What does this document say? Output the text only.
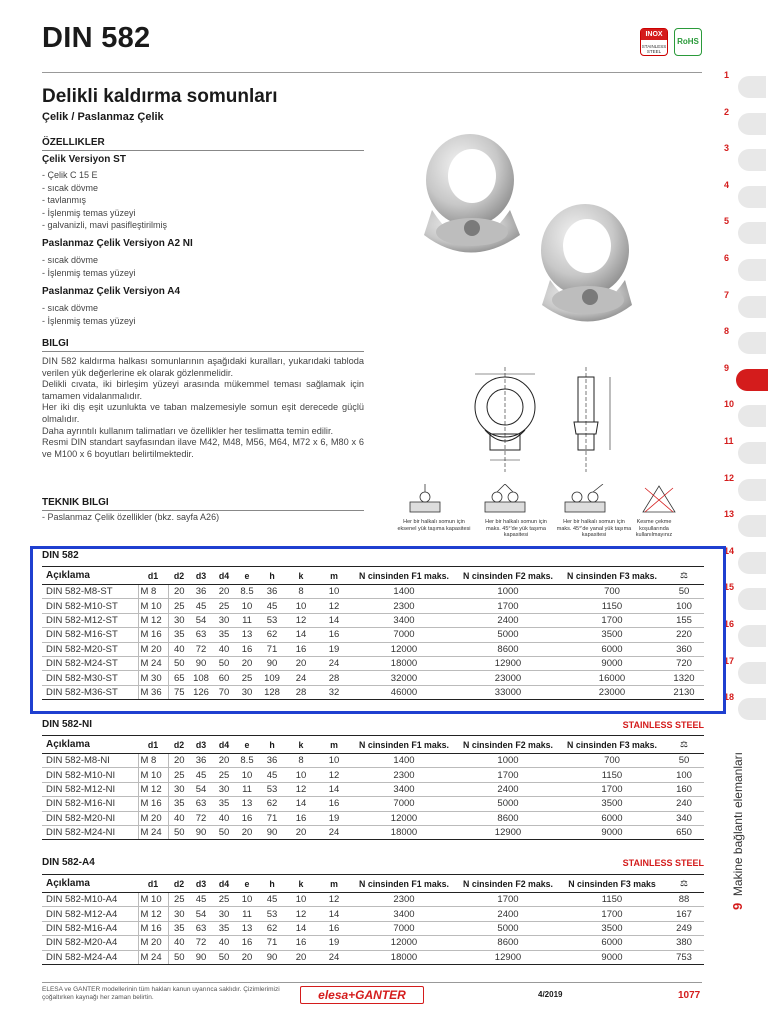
DIN 582	INOX
STAINLESS STEEL
RoHS
Delikli kaldırma somunları
Çelik / Paslanmaz Çelik
ÖZELLIKLER
Çelik Versiyon ST
- Çelik C 15 E
- sıcak dövme
- tavlanmış
- İşlenmiş temas yüzeyi
- galvanizli, mavi pasifleştirilmiş
Paslanmaz Çelik Versiyon A2 NI
- sıcak dövme
- İşlenmiş temas yüzeyi
Paslanmaz Çelik Versiyon A4
- sıcak dövme
- İşlenmiş temas yüzeyi
BILGI

DIN 582 kaldırma halkası somunlarının aşağıdaki kuralları, yukarıdaki tabloda verilen yük değerlerine ek olarak gözlenmelidir.

Delikli cıvata, iki birleşim yüzeyi arasında mükemmel teması sağlamak için tamamen vidalanmalıdır.

Her iki diş eşit uzunlukta ve taban malzemesiyle somun eşit derecede güçlü olmalıdır.

Daha ayrıntılı kullanım talimatları ve özellikler her teslimatta temin edilir.

Resmi DIN standart sayfasından ilave M42, M48, M56, M64, M72 x 6, M80 x 6 ve M100 x 6 boyutları belirtilmektedir.

TEKNIK BILGI
- Paslanmaz Çelik özellikler (bkz. sayfa A26)	Her bir halkalı somun için eksenel yük taşıma kapasitesi
Her bir halkalı somun için maks. 45°'de yük taşıma kapasitesi
Her bir halkalı somun için maks. 45°'de yanal yük taşıma kapasitesi
Kesme çekme koşullarında kullanılmayınız
1
2
3
4
5
6
7
8
9
10
11
12
13
14
15
16
17
18
9  Makine bağlantı elemanları
DIN 582
Açıklama	d1	d2	d3	d4	e	h	k	m	N cinsinden F1 maks.	N cinsinden F2 maks.	N cinsinden F3 maks.	⚖
DIN 582-M8-ST	M 8	20	36	20	8.5	36	8	10	1400	1000	700	50
DIN 582-M10-ST	M 10	25	45	25	10	45	10	12	2300	1700	1150	100
DIN 582-M12-ST	M 12	30	54	30	11	53	12	14	3400	2400	1700	155
DIN 582-M16-ST	M 16	35	63	35	13	62	14	16	7000	5000	3500	220
DIN 582-M20-ST	M 20	40	72	40	16	71	16	19	12000	8600	6000	360
DIN 582-M24-ST	M 24	50	90	50	20	90	20	24	18000	12900	9000	720
DIN 582-M30-ST	M 30	65	108	60	25	109	24	28	32000	23000	16000	1320
DIN 582-M36-ST	M 36	75	126	70	30	128	28	32	46000	33000	23000	2130
DIN 582-NI	STAINLESS STEEL
Açıklama	d1	d2	d3	d4	e	h	k	m	N cinsinden F1 maks.	N cinsinden F2 maks.	N cinsinden F3 maks.	⚖
DIN 582-M8-NI	M 8	20	36	20	8.5	36	8	10	1400	1000	700	50
DIN 582-M10-NI	M 10	25	45	25	10	45	10	12	2300	1700	1150	100
DIN 582-M12-NI	M 12	30	54	30	11	53	12	14	3400	2400	1700	160
DIN 582-M16-NI	M 16	35	63	35	13	62	14	16	7000	5000	3500	240
DIN 582-M20-NI	M 20	40	72	40	16	71	16	19	12000	8600	6000	340
DIN 582-M24-NI	M 24	50	90	50	20	90	20	24	18000	12900	9000	650
DIN 582-A4	STAINLESS STEEL
Açıklama	d1	d2	d3	d4	e	h	k	m	N cinsinden F1 maks.	N cinsinden F2 maks.	N cinsinden F3 maks	⚖
DIN 582-M10-A4	M 10	25	45	25	10	45	10	12	2300	1700	1150	88
DIN 582-M12-A4	M 12	30	54	30	11	53	12	14	3400	2400	1700	167
DIN 582-M16-A4	M 16	35	63	35	13	62	14	16	7000	5000	3500	249
DIN 582-M20-A4	M 20	40	72	40	16	71	16	19	12000	8600	6000	380
DIN 582-M24-A4	M 24	50	90	50	20	90	20	24	18000	12900	9000	753
ELESA ve GANTER modellerinin tüm hakları kanun uyarınca saklıdır. Çizimlerimizi çoğaltırken kaynağı her zaman belirtin.	elesa+GANTER	4/2019	1077
